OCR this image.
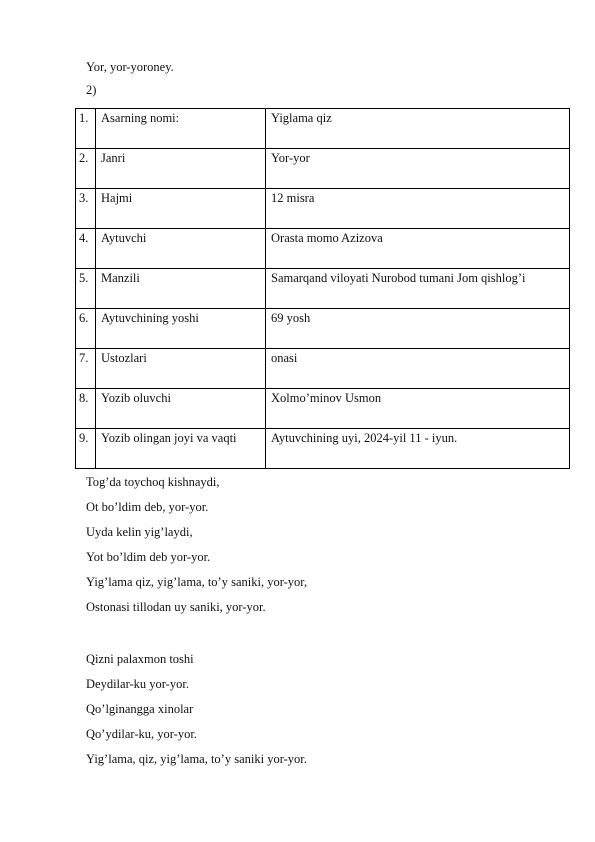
Yor, yor-yoroney.
2)
1.	Asarning nomi:	Yiglama qiz
2.	Janri	Yor-yor
3.	Hajmi	12 misra
4.	Aytuvchi	Orasta momo Azizova
5.	Manzili	Samarqand viloyati Nurobod tumani Jom qishlog’i
6.	Aytuvchining yoshi	69 yosh
7.	Ustozlari	onasi
8.	Yozib oluvchi	Xolmo’minov Usmon
9.	Yozib olingan joyi va vaqti	Aytuvchining uyi, 2024-yil 11 - iyun.
Tog’da toychoq kishnaydi,
Ot bo’ldim deb, yor-yor.
Uyda kelin yig’laydi,
Yot bo’ldim deb yor-yor.
Yig’lama qiz, yig’lama, to’y saniki, yor-yor,
Ostonasi tillodan uy saniki, yor-yor.
Qizni palaxmon toshi
Deydilar-ku yor-yor.
Qo’lginangga xinolar
Qo’ydilar-ku, yor-yor.
Yig’lama, qiz, yig’lama, to’y saniki yor-yor.
